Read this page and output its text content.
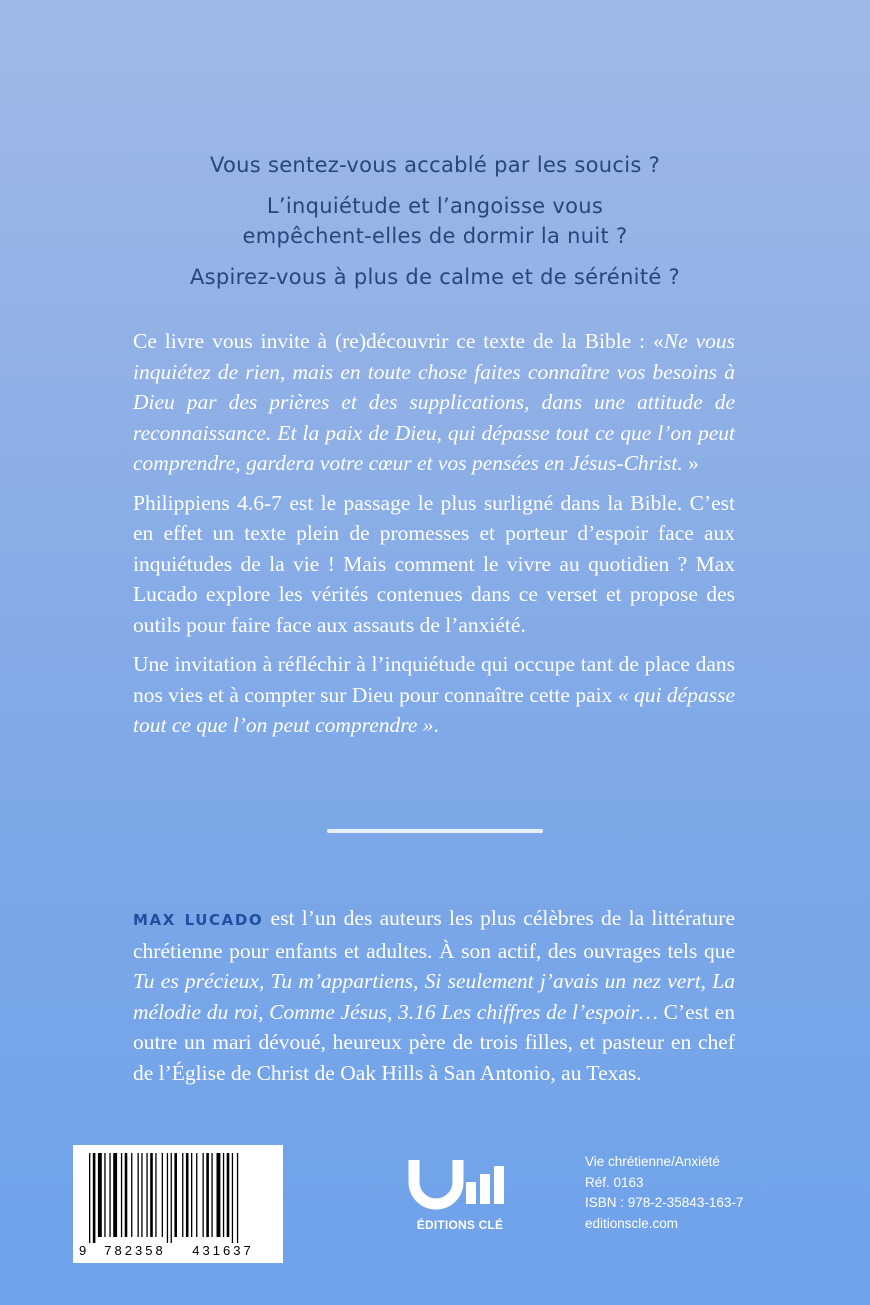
Vous sentez-vous accablé par les soucis ?
L’inquiétude et l’angoisse vous
empêchent-elles de dormir la nuit ?
Aspirez-vous à plus de calme et de sérénité ?

Ce livre vous invite à (re)découvrir ce texte de la Bible : «Ne vous inquiétez de rien, mais en toute chose faites connaître vos besoins à Dieu par des prières et des supplications, dans une attitude de reconnaissance. Et la paix de Dieu, qui dépasse tout ce que l’on peut comprendre, gardera votre cœur et vos pensées en Jésus-Christ. »

Philippiens 4.6-7 est le passage le plus surligné dans la Bible. C’est en effet un texte plein de promesses et porteur d’espoir face aux inquiétudes de la vie ! Mais comment le vivre au quotidien ? Max Lucado explore les vérités contenues dans ce verset et propose des outils pour faire face aux assauts de l’anxiété.

Une invitation à réfléchir à l’inquiétude qui occupe tant de place dans nos vies et à compter sur Dieu pour connaître cette paix « qui dépasse tout ce que l’on peut comprendre ».

MAX LUCADO est l’un des auteurs les plus célèbres de la littérature chrétienne pour enfants et adultes. À son actif, des ouvrages tels que Tu es précieux, Tu m’appartiens, Si seulement j’avais un nez vert, La mélodie du roi, Comme Jésus, 3.16 Les chiffres de l’espoir… C’est en outre un mari dévoué, heureux père de trois filles, et pasteur en chef de l’Église de Christ de Oak Hills à San Antonio, au Texas.
9 782358 431637
ÉDITIONS CLÉ
Vie chrétienne/Anxiété
Réf. 0163
ISBN : 978-2-35843-163-7
editionscle.com
